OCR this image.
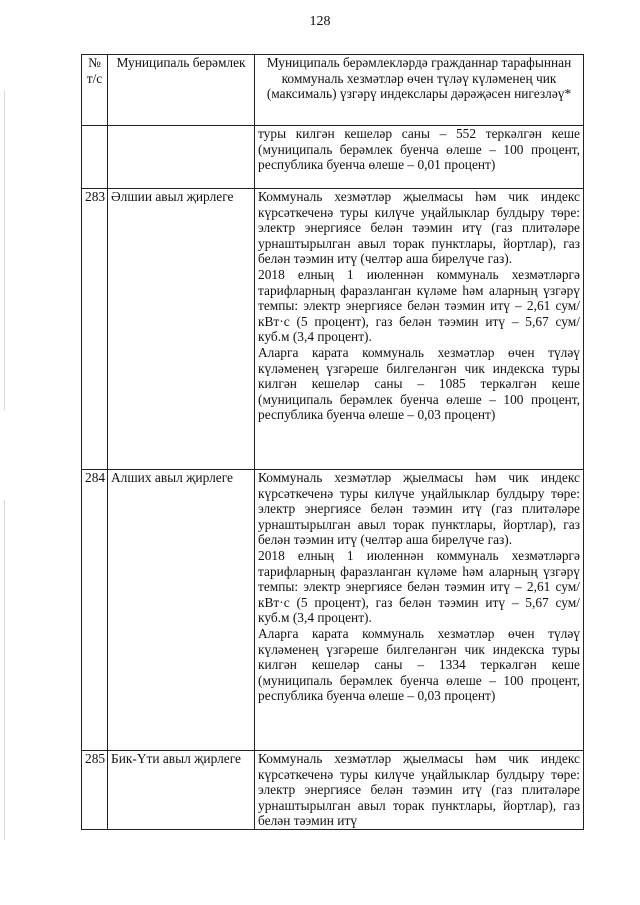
128
№ т/с	Муниципаль берәмлек	Муниципаль берәмлекләрдә гражданнар тарафыннан коммуналь хезмәтләр өчен түләү күләменең чик (максималь) үзгәрү индекслары дәрәҗәсен нигезләү*
		туры килгән кешеләр саны – 552 теркәлгән кеше (муниципаль берәмлек буенча өлеше – 100 процент, республика буенча өлеше – 0,01 процент)
283	Әлшии авыл җирлеге	Коммуналь хезмәтләр җыелмасы һәм чик индекс күрсәткеченә туры килүче уңайлыклар булдыру төре: электр энергиясе белән тәэмин итү (газ плитәләре урнаштырылган авыл торак пунктлары, йортлар), газ белән тәэмин итү (челтәр аша бирелүче газ).
2018 елның 1 июленнән коммуналь хезмәтләргә тарифларның фаразланган күләме һәм аларның үзгәрү темпы: электр энергиясе белән тәэмин итү – 2,61 сум/кВт·с (5 процент), газ белән тәэмин итү – 5,67 сум/куб.м (3,4 процент).
Аларга карата коммуналь хезмәтләр өчен түләү күләменең үзгәреше билгеләнгән чик индекска туры килгән кешеләр саны – 1085 теркәлгән кеше (муниципаль берәмлек буенча өлеше – 100 процент, республика буенча өлеше – 0,03 процент)

284	Алших авыл җирлеге	Коммуналь хезмәтләр җыелмасы һәм чик индекс күрсәткеченә туры килүче уңайлыклар булдыру төре: электр энергиясе белән тәэмин итү (газ плитәләре урнаштырылган авыл торак пунктлары, йортлар), газ белән тәэмин итү (челтәр аша бирелүче газ).
2018 елның 1 июленнән коммуналь хезмәтләргә тарифларның фаразланган күләме һәм аларның үзгәрү темпы: электр энергиясе белән тәэмин итү – 2,61 сум/кВт·с (5 процент), газ белән тәэмин итү – 5,67 сум/куб.м (3,4 процент).
Аларга карата коммуналь хезмәтләр өчен түләү күләменең үзгәреше билгеләнгән чик индекска туры килгән кешеләр саны – 1334 теркәлгән кеше (муниципаль берәмлек буенча өлеше – 100 процент, республика буенча өлеше – 0,03 процент)

285	Бик-Үти авыл җирлеге	Коммуналь хезмәтләр җыелмасы һәм чик индекс күрсәткеченә туры килүче уңайлыклар булдыру төре: электр энергиясе белән тәэмин итү (газ плитәләре урнаштырылган авыл торак пунктлары, йортлар), газ белән тәэмин итү
